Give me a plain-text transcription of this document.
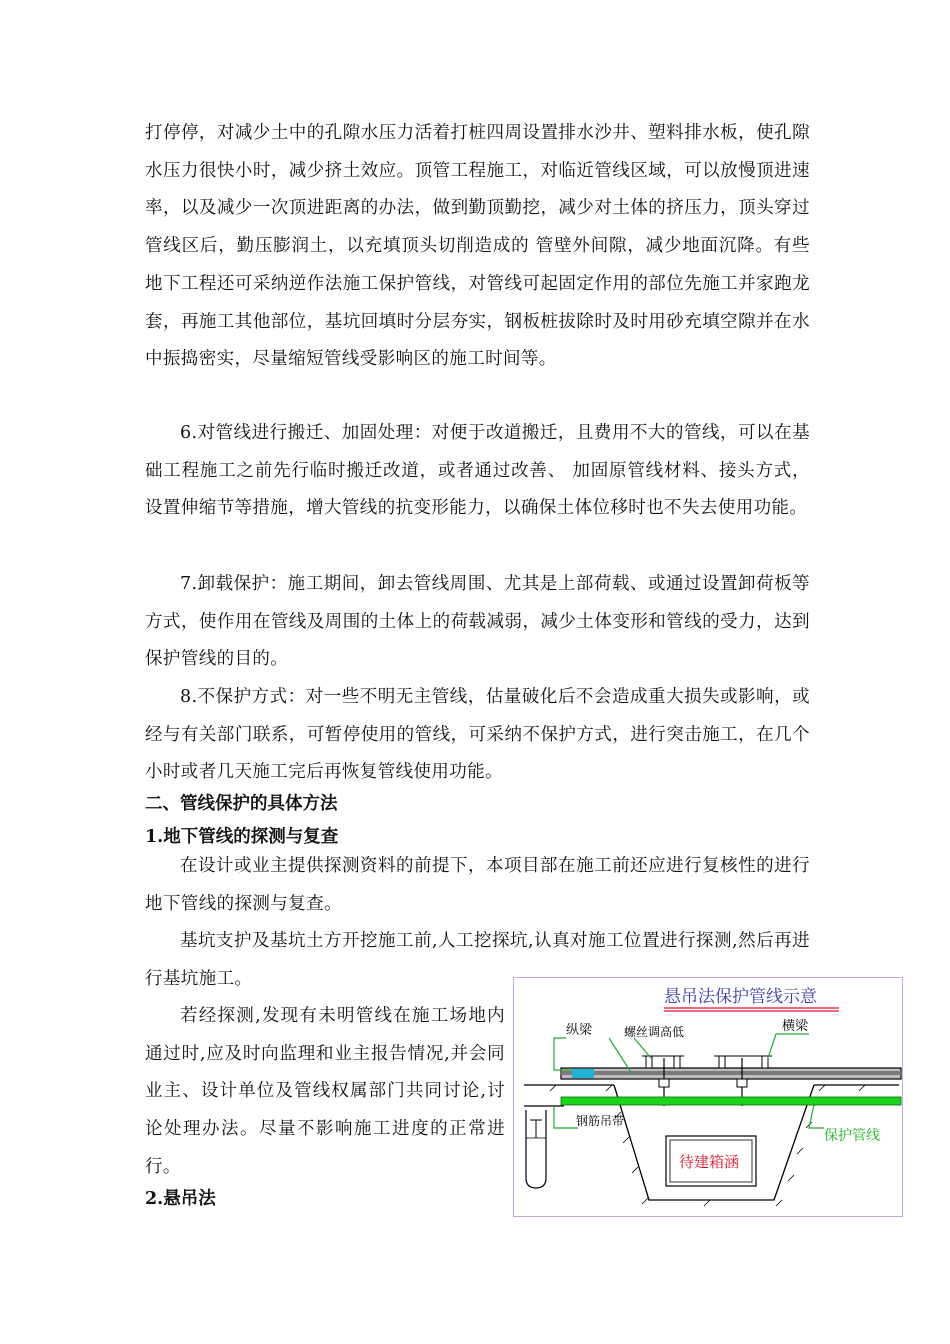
打停停，对减少土中的孔隙水压力活着打桩四周设置排水沙井、塑料排水板，使孔隙水压力很快小时，减少挤土效应。顶管工程施工，对临近管线区域，可以放慢顶进速率，以及减少一次顶进距离的办法，做到勤顶勤挖，减少对土体的挤压力，顶头穿过管线区后，勤压膨润土，以充填顶头切削造成的 管壁外间隙，减少地面沉降。有些地下工程还可采纳逆作法施工保护管线，对管线可起固定作用的部位先施工并家跑龙套，再施工其他部位，基坑回填时分层夯实，钢板桩拔除时及时用砂充填空隙并在水中振捣密实，尽量缩短管线受影响区的施工时间等。

6.对管线进行搬迁、加固处理：对便于改道搬迁，且费用不大的管线，可以在基础工程施工之前先行临时搬迁改道，或者通过改善、 加固原管线材料、接头方式，设置伸缩节等措施，增大管线的抗变形能力，以确保土体位移时也不失去使用功能。

7.卸载保护：施工期间，卸去管线周围、尤其是上部荷载、或通过设置卸荷板等方式，使作用在管线及周围的土体上的荷载减弱，减少土体变形和管线的受力，达到保护管线的目的。

8.不保护方式：对一些不明无主管线，估量破化后不会造成重大损失或影响，或经与有关部门联系，可暂停使用的管线，可采纳不保护方式，进行突击施工，在几个小时或者几天施工完后再恢复管线使用功能。

二、管线保护的具体方法

1.地下管线的探测与复查

在设计或业主提供探测资料的前提下，本项目部在施工前还应进行复核性的进行地下管线的探测与复查。

基坑支护及基坑土方开挖施工前,人工挖探坑,认真对施工位置进行探测,然后再进行基坑施工。

若经探测,发现有未明管线在施工场地内通过时,应及时向监理和业主报告情况,并会同业主、设计单位及管线权属部门共同讨论,讨论处理办法。尽量不影响施工进度的正常进行。

2.悬吊法

悬吊法保护管线示意
待建箱涵
纵梁	螺丝调高低	横梁
钢筋吊带
保护管线
